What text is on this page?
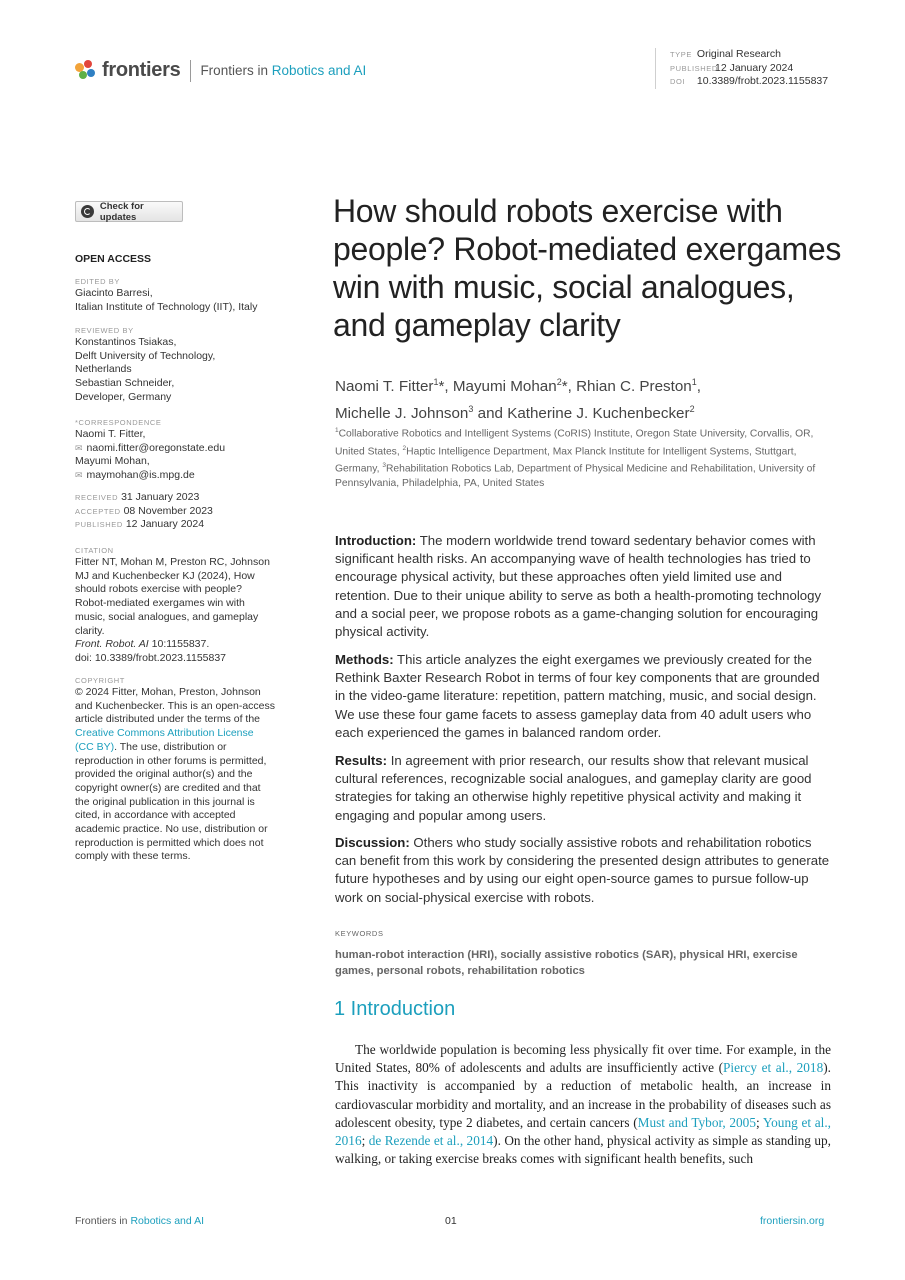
frontiers Frontiers in Robotics and AI
TYPE Original Research
PUBLISHED12 January 2024
DOI 10.3389/frobt.2023.1155837
Check for updates
OPEN ACCESS
EDITED BY
Giacinto Barresi,
Italian Institute of Technology (IIT), Italy
REVIEWED BY
Konstantinos Tsiakas,
Delft University of Technology,
Netherlands
Sebastian Schneider,
Developer, Germany
*CORRESPONDENCE
Naomi T. Fitter,
✉ naomi.fitter@oregonstate.edu
Mayumi Mohan,
✉ maymohan@is.mpg.de
RECEIVED 31 January 2023
ACCEPTED 08 November 2023
PUBLISHED 12 January 2024
CITATION
Fitter NT, Mohan M, Preston RC, Johnson MJ and Kuchenbecker KJ (2024), How should robots exercise with people? Robot-mediated exergames win with music, social analogues, and gameplay clarity.
Front. Robot. AI 10:1155837.
doi: 10.3389/frobt.2023.1155837
COPYRIGHT
© 2024 Fitter, Mohan, Preston, Johnson and Kuchenbecker. This is an open-access article distributed under the terms of the Creative Commons Attribution License (CC BY). The use, distribution or reproduction in other forums is permitted, provided the original author(s) and the copyright owner(s) are credited and that the original publication in this journal is cited, in accordance with accepted academic practice. No use, distribution or reproduction is permitted which does not comply with these terms.
How should robots exercise with people? Robot-mediated exergames win with music, social analogues, and gameplay clarity
Naomi T. Fitter$^1$*, Mayumi Mohan$^2$*, Rhian C. Preston$^1$,
Michelle J. Johnson$^3$ and Katherine J. Kuchenbecker$^2$
$^1$Collaborative Robotics and Intelligent Systems (CoRIS) Institute, Oregon State University, Corvallis, OR, United States, $^2$Haptic Intelligence Department, Max Planck Institute for Intelligent Systems, Stuttgart, Germany, $^3$Rehabilitation Robotics Lab, Department of Physical Medicine and Rehabilitation, University of Pennsylvania, Philadelphia, PA, United States

Introduction: The modern worldwide trend toward sedentary behavior comes with significant health risks. An accompanying wave of health technologies has tried to encourage physical activity, but these approaches often yield limited use and retention. Due to their unique ability to serve as both a health-promoting technology and a social peer, we propose robots as a game-changing solution for encouraging physical activity.

Methods: This article analyzes the eight exergames we previously created for the Rethink Baxter Research Robot in terms of four key components that are grounded in the video-game literature: repetition, pattern matching, music, and social design. We use these four game facets to assess gameplay data from 40 adult users who each experienced the games in balanced random order.

Results: In agreement with prior research, our results show that relevant musical cultural references, recognizable social analogues, and gameplay clarity are good strategies for taking an otherwise highly repetitive physical activity and making it engaging and popular among users.

Discussion: Others who study socially assistive robots and rehabilitation robotics can benefit from this work by considering the presented design attributes to generate future hypotheses and by using our eight open-source games to pursue follow-up work on social-physical exercise with robots.

KEYWORDS
human-robot interaction (HRI), socially assistive robotics (SAR), physical HRI, exercise games, personal robots, rehabilitation robotics
1 Introduction

The worldwide population is becoming less physically fit over time. For example, in the United States, 80% of adolescents and adults are insufficiently active (Piercy et al., 2018). This inactivity is accompanied by a reduction of metabolic health, an increase in cardiovascular morbidity and mortality, and an increase in the probability of diseases such as adolescent obesity, type 2 diabetes, and certain cancers (Must and Tybor, 2005; Young et al., 2016; de Rezende et al., 2014). On the other hand, physical activity as simple as standing up, walking, or taking exercise breaks comes with significant health benefits, such

Frontiers in Robotics and AI	01	frontiersin.org
